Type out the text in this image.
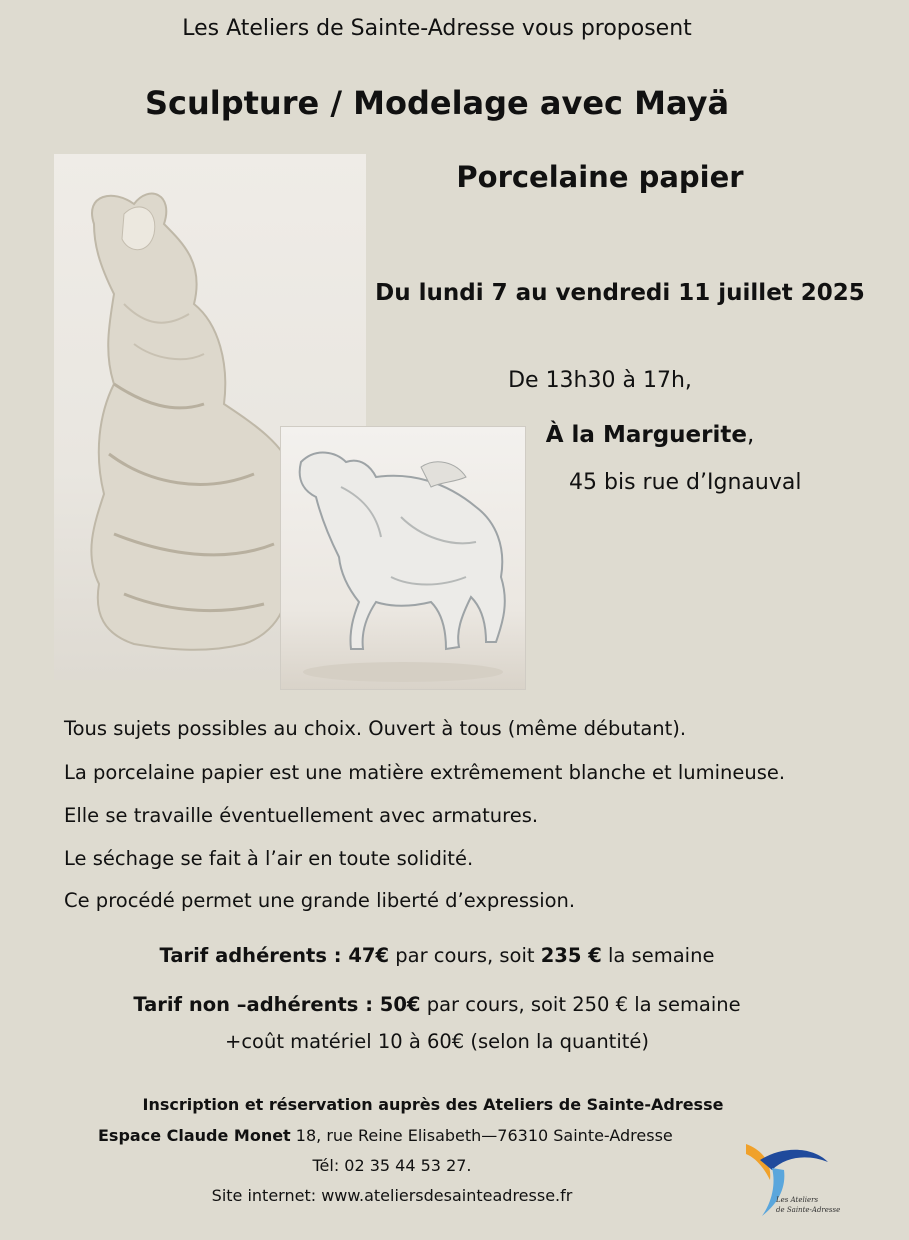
Les Ateliers de Sainte-Adresse vous proposent
Sculpture / Modelage avec Mayä
Porcelaine papier
Du lundi 7 au vendredi 11 juillet 2025
De 13h30 à 17h,
À la Marguerite,
45 bis rue d’Ignauval
Tous sujets possibles au choix. Ouvert à tous (même débutant).
La porcelaine papier est une matière extrêmement blanche et lumineuse.
Elle se travaille éventuellement avec armatures.
Le séchage se fait à l’air en toute solidité.
Ce procédé permet une grande liberté d’expression.
Tarif adhérents : 47€ par cours, soit 235 € la semaine
Tarif non –adhérents : 50€ par cours, soit 250 € la semaine
+coût matériel 10 à 60€ (selon la quantité)
Inscription et réservation auprès des Ateliers de Sainte-Adresse
Espace Claude Monet 18, rue Reine Elisabeth—76310 Sainte-Adresse
Tél: 02 35 44 53 27.
Site internet: www.ateliersdesainteadresse.fr	Les Ateliers
de Sainte-Adresse
